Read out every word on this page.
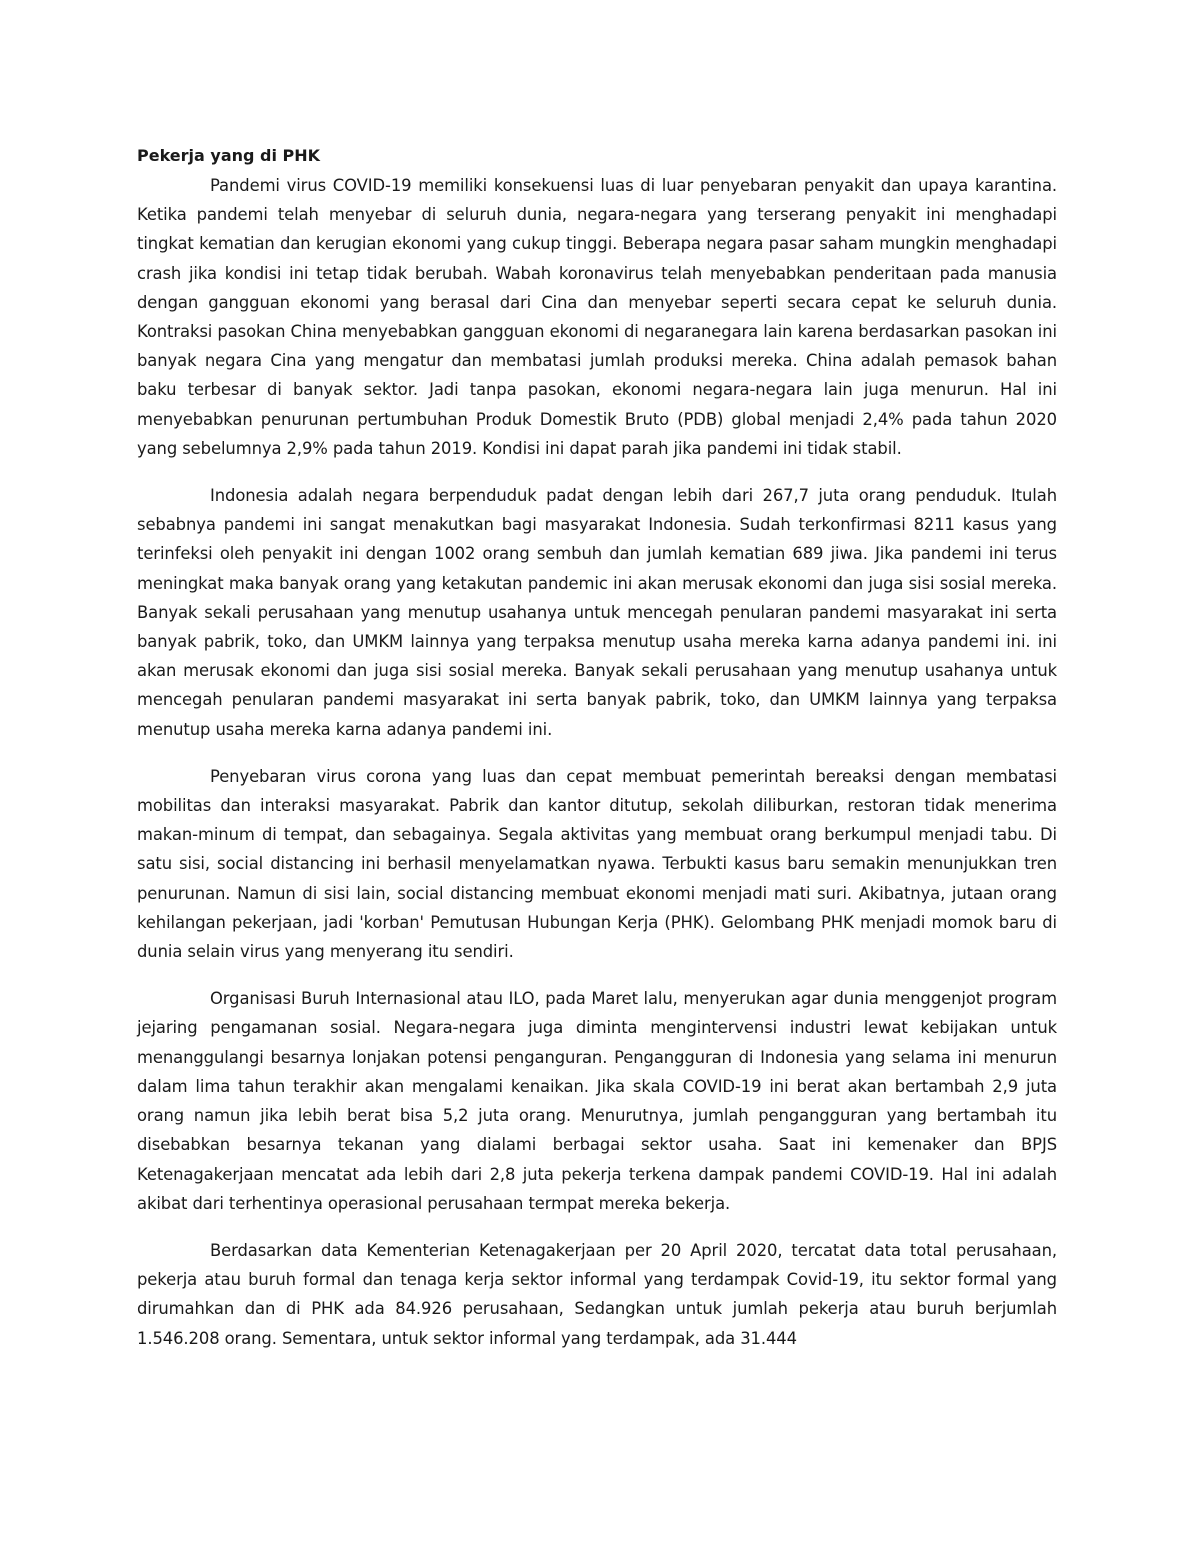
Pekerja yang di PHK

Pandemi virus COVID-19 memiliki konsekuensi luas di luar penyebaran penyakit dan upaya karantina. Ketika pandemi telah menyebar di seluruh dunia, negara-negara yang terserang penyakit ini menghadapi tingkat kematian dan kerugian ekonomi yang cukup tinggi. Beberapa negara pasar saham mungkin menghadapi crash jika kondisi ini tetap tidak berubah. Wabah koronavirus telah menyebabkan penderitaan pada manusia dengan gangguan ekonomi yang berasal dari Cina dan menyebar seperti secara cepat ke seluruh dunia. Kontraksi pasokan China menyebabkan gangguan ekonomi di negaranegara lain karena berdasarkan pasokan ini banyak negara Cina yang mengatur dan membatasi jumlah produksi mereka. China adalah pemasok bahan baku terbesar di banyak sektor. Jadi tanpa pasokan, ekonomi negara-negara lain juga menurun. Hal ini menyebabkan penurunan pertumbuhan Produk Domestik Bruto (PDB) global menjadi 2,4% pada tahun 2020 yang sebelumnya 2,9% pada tahun 2019. Kondisi ini dapat parah jika pandemi ini tidak stabil.

Indonesia adalah negara berpenduduk padat dengan lebih dari 267,7 juta orang penduduk. Itulah sebabnya pandemi ini sangat menakutkan bagi masyarakat Indonesia. Sudah terkonfirmasi 8211 kasus yang terinfeksi oleh penyakit ini dengan 1002 orang sembuh dan jumlah kematian 689 jiwa. Jika pandemi ini terus meningkat maka banyak orang yang ketakutan pandemic ini akan merusak ekonomi dan juga sisi sosial mereka. Banyak sekali perusahaan yang menutup usahanya untuk mencegah penularan pandemi masyarakat ini serta banyak pabrik, toko, dan UMKM lainnya yang terpaksa menutup usaha mereka karna adanya pandemi ini. ini akan merusak ekonomi dan juga sisi sosial mereka. Banyak sekali perusahaan yang menutup usahanya untuk mencegah penularan pandemi masyarakat ini serta banyak pabrik, toko, dan UMKM lainnya yang terpaksa menutup usaha mereka karna adanya pandemi ini.

Penyebaran virus corona yang luas dan cepat membuat pemerintah bereaksi dengan membatasi mobilitas dan interaksi masyarakat. Pabrik dan kantor ditutup, sekolah diliburkan, restoran tidak menerima makan-minum di tempat, dan sebagainya. Segala aktivitas yang membuat orang berkumpul menjadi tabu. Di satu sisi, social distancing ini berhasil menyelamatkan nyawa. Terbukti kasus baru semakin menunjukkan tren penurunan. Namun di sisi lain, social distancing membuat ekonomi menjadi mati suri. Akibatnya, jutaan orang kehilangan pekerjaan, jadi 'korban' Pemutusan Hubungan Kerja (PHK). Gelombang PHK menjadi momok baru di dunia selain virus yang menyerang itu sendiri.

Organisasi Buruh Internasional atau ILO, pada Maret lalu, menyerukan agar dunia menggenjot program jejaring pengamanan sosial. Negara-negara juga diminta mengintervensi industri lewat kebijakan untuk menanggulangi besarnya lonjakan potensi penganguran. Pengangguran di Indonesia yang selama ini menurun dalam lima tahun terakhir akan mengalami kenaikan. Jika skala COVID-19 ini berat akan bertambah 2,9 juta orang namun jika lebih berat bisa 5,2 juta orang. Menurutnya, jumlah pengangguran yang bertambah itu disebabkan besarnya tekanan yang dialami berbagai sektor usaha. Saat ini kemenaker dan BPJS Ketenagakerjaan mencatat ada lebih dari 2,8 juta pekerja terkena dampak pandemi COVID-19. Hal ini adalah akibat dari terhentinya operasional perusahaan termpat mereka bekerja.

Berdasarkan data Kementerian Ketenagakerjaan per 20 April 2020, tercatat data total perusahaan, pekerja atau buruh formal dan tenaga kerja sektor informal yang terdampak Covid-19, itu sektor formal yang dirumahkan dan di PHK ada 84.926 perusahaan, Sedangkan untuk jumlah pekerja atau buruh berjumlah 1.546.208 orang. Sementara, untuk sektor informal yang terdampak, ada 31.444
